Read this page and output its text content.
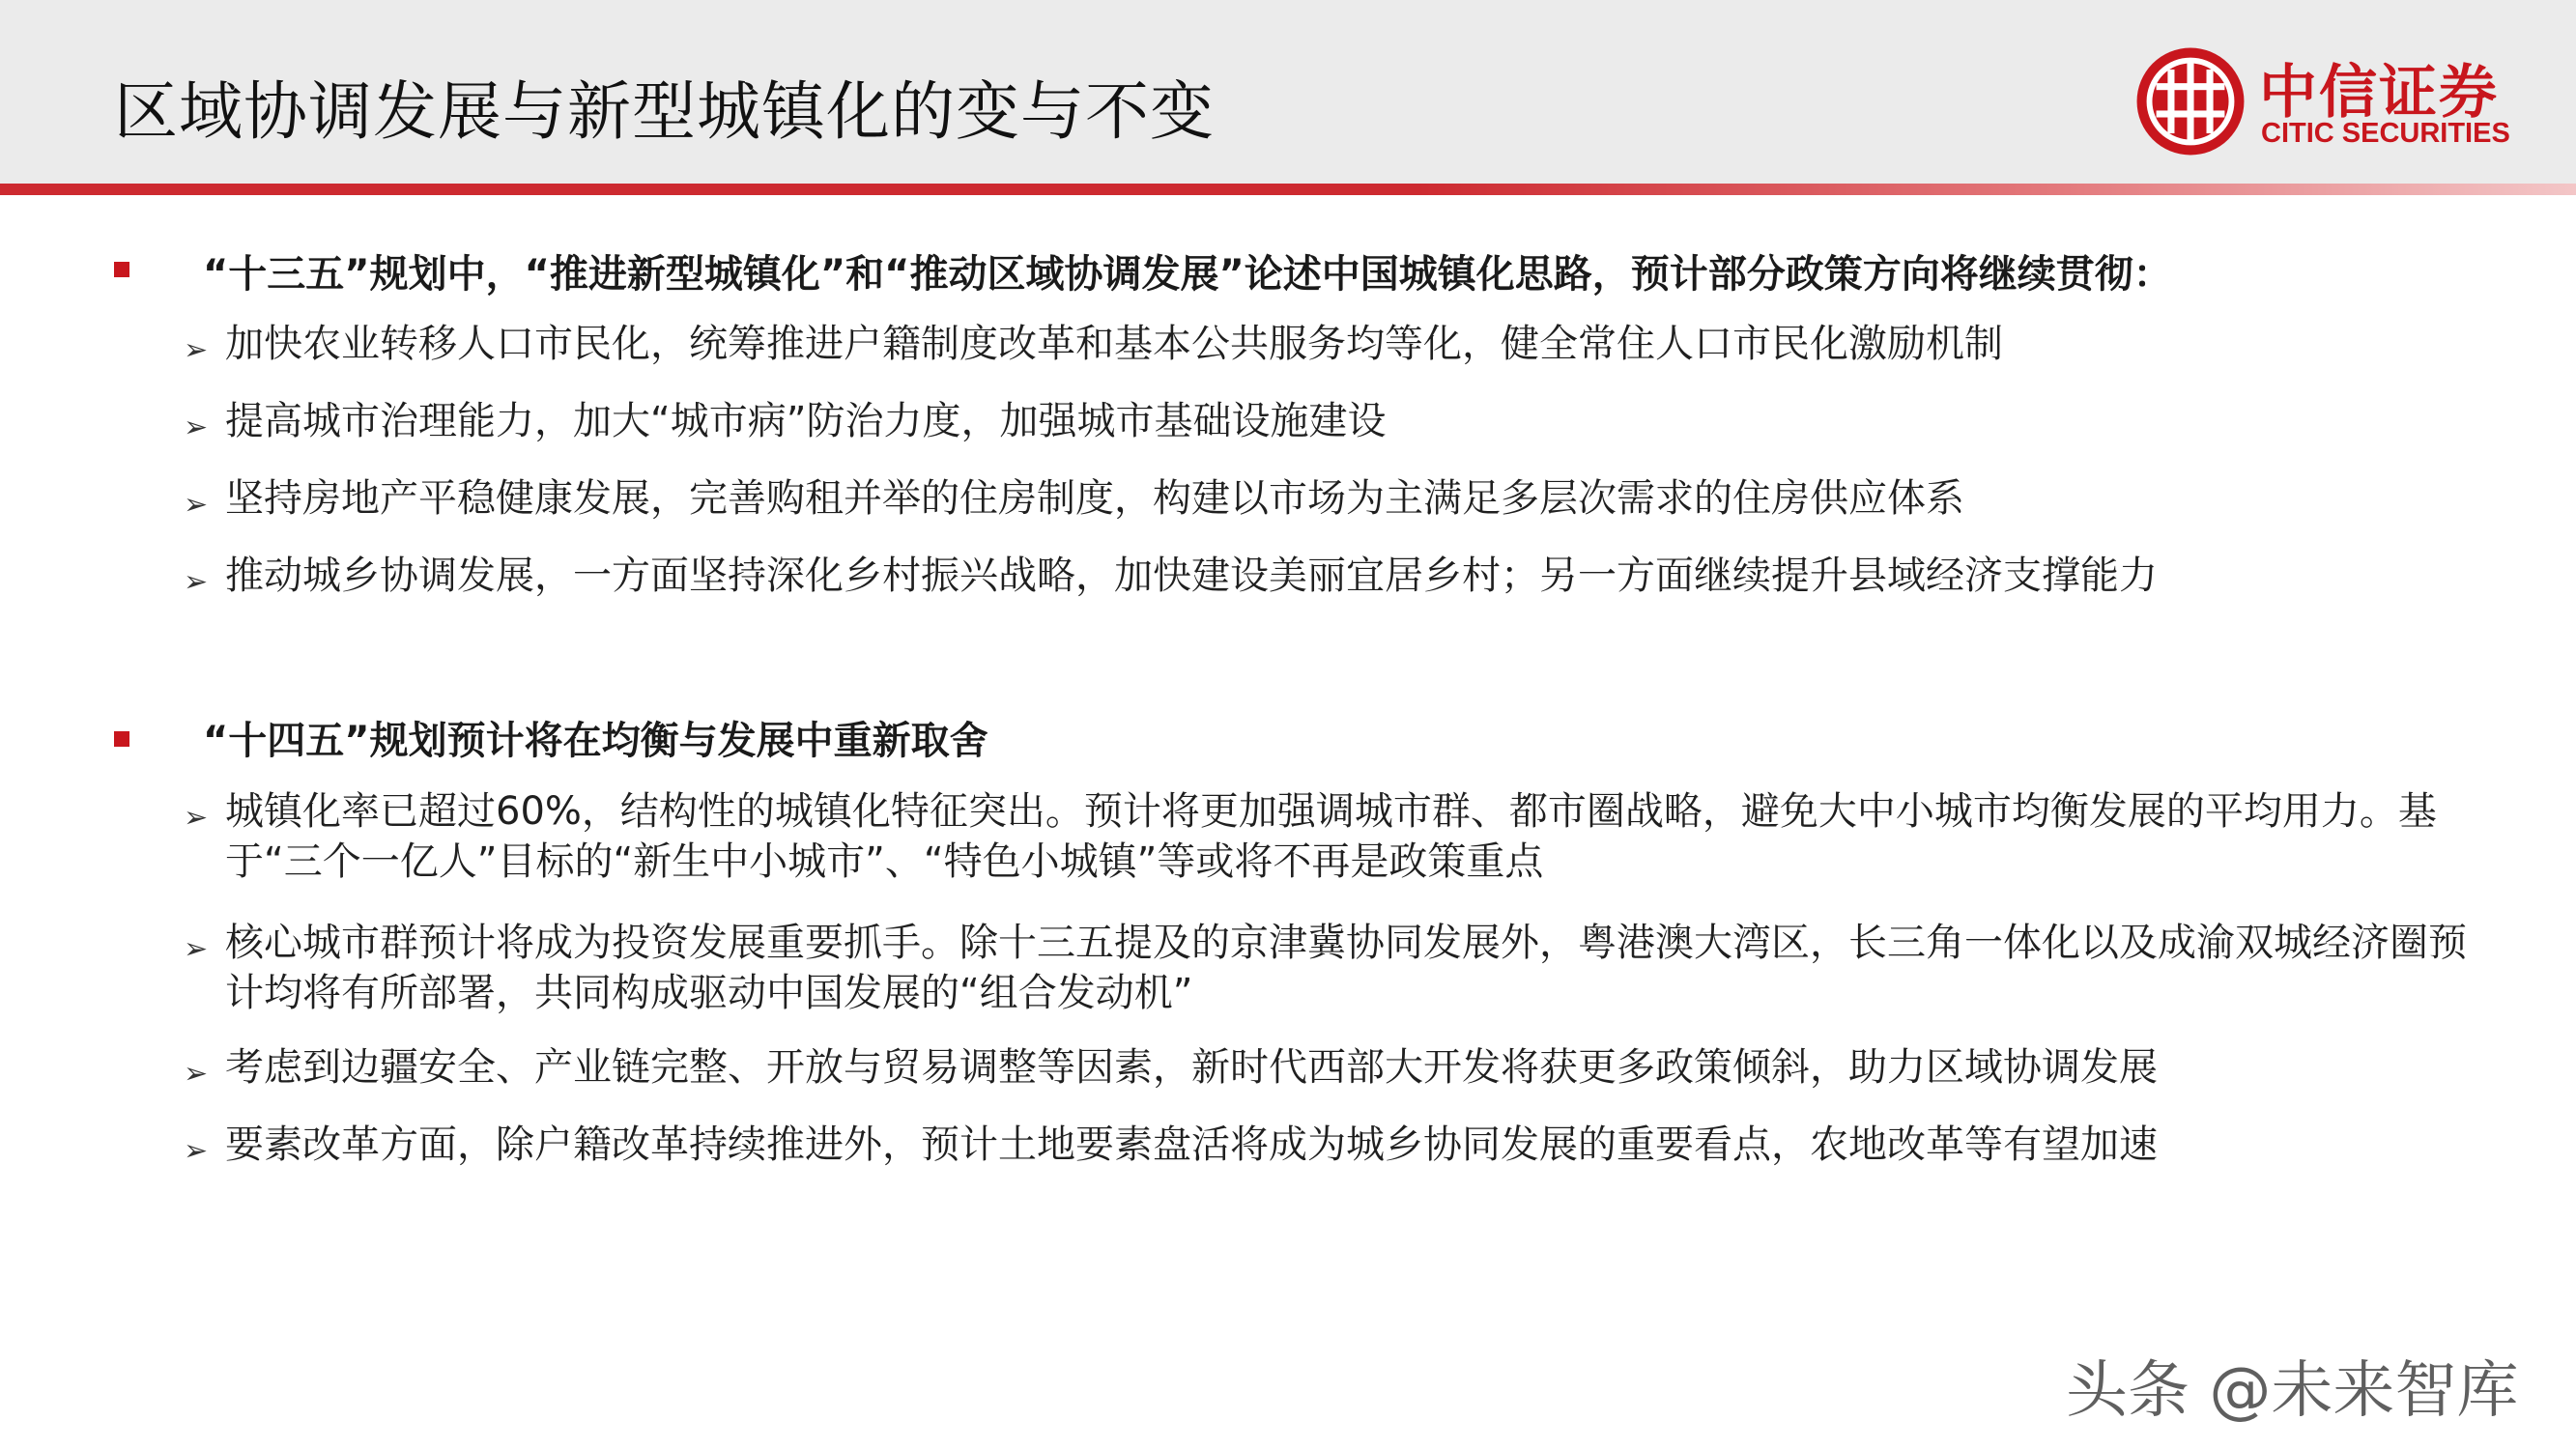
区域协调发展与新型城镇化的变与不变	中信证券
CITIC SECURITIES
“十三五”规划中，“推进新型城镇化”和“推动区域协调发展”论述中国城镇化思路，预计部分政策方向将继续贯彻：
➢ 加快农业转移人口市民化，统筹推进户籍制度改革和基本公共服务均等化，健全常住人口市民化激励机制
➢ 提高城市治理能力，加大“城市病”防治力度，加强城市基础设施建设
➢ 坚持房地产平稳健康发展，完善购租并举的住房制度，构建以市场为主满足多层次需求的住房供应体系
➢ 推动城乡协调发展，一方面坚持深化乡村振兴战略，加快建设美丽宜居乡村；另一方面继续提升县域经济支撑能力
“十四五”规划预计将在均衡与发展中重新取舍
➢ 城镇化率已超过60%，结构性的城镇化特征突出。预计将更加强调城市群、都市圈战略，避免大中小城市均衡发展的平均用力。基于“三个一亿人”目标的“新生中小城市”、“特色小城镇”等或将不再是政策重点
➢ 核心城市群预计将成为投资发展重要抓手。除十三五提及的京津冀协同发展外，粤港澳大湾区，长三角一体化以及成渝双城经济圈预计均将有所部署，共同构成驱动中国发展的“组合发动机”
➢ 考虑到边疆安全、产业链完整、开放与贸易调整等因素，新时代西部大开发将获更多政策倾斜，助力区域协调发展
➢ 要素改革方面，除户籍改革持续推进外，预计土地要素盘活将成为城乡协同发展的重要看点，农地改革等有望加速
头条 @未来智库
